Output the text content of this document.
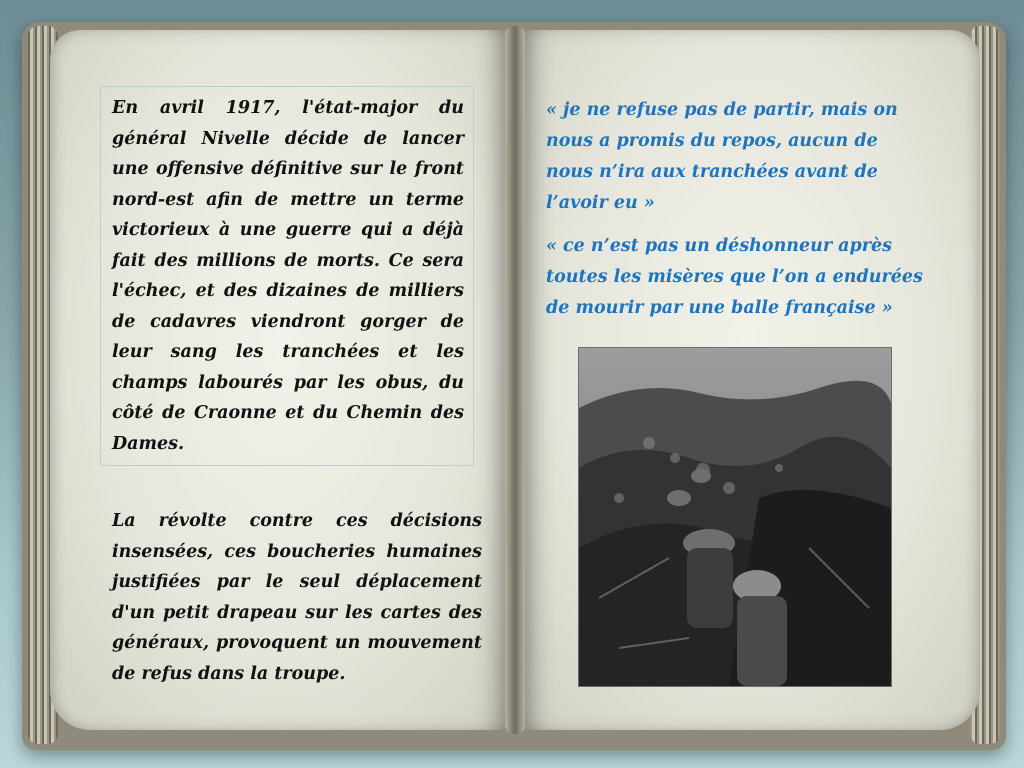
En avril 1917, l'état-major du général Nivelle décide de lancer une offensive définitive sur le front nord-est afin de mettre un terme victorieux à une guerre qui a déjà fait des millions de morts. Ce sera l'échec, et des dizaines de milliers de cadavres viendront gorger de leur sang les tranchées et les champs labourés par les obus, du côté de Craonne et du Chemin des Dames.

La révolte contre ces décisions insensées, ces boucheries humaines justifiées par le seul déplacement d'un petit drapeau sur les cartes des généraux, provoquent un mouvement de refus dans la troupe.

« je ne refuse pas de partir, mais on nous a promis du repos, aucun de nous n’ira aux tranchées avant de l’avoir eu »

« ce n’est pas un déshonneur après toutes les misères que l’on a endurées de mourir par une balle française »
